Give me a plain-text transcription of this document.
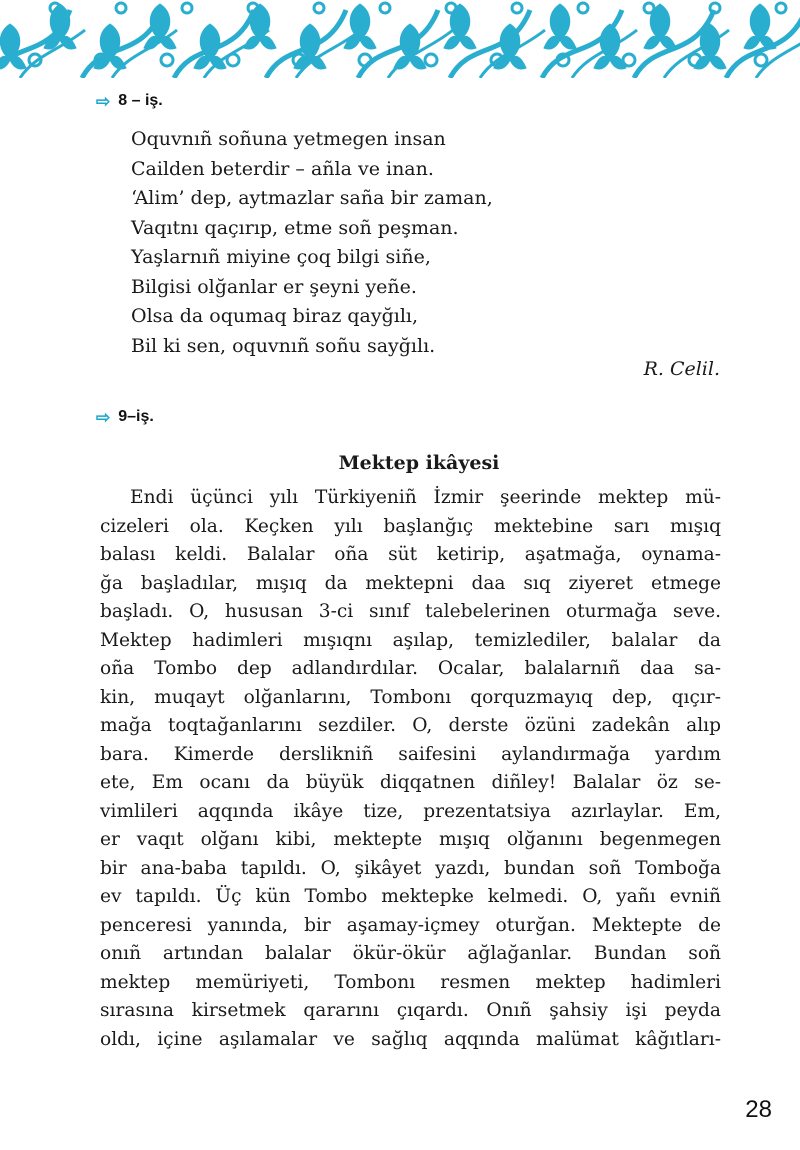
⇨ 8 – iş.
Oquvnıñ soñuna yetmegen insan
Cailden beterdir – añla ve inan.
‘Alim’ dep, aytmazlar saña bir zaman,
Vaqıtnı qaçırıp, etme soñ peşman.
Yaşlarnıñ miyine çoq bilgi siñe,
Bilgisi olğanlar er şeyni yeñe.
Olsa da oqumaq biraz qayğılı,
Bil ki sen, oquvnıñ soñu sayğılı.
R. Celil.
⇨ 9–iş.
Mektep ikâyesi
Endi üçünci yılı Türkiyeniñ İzmir şeerinde mektep mü-
cizeleri ola. Keçken yılı başlanğıç mektebine sarı mışıq
balası keldi. Balalar oña süt ketirip, aşatmağa, oynama-
ğa başladılar, mışıq da mektepni daa sıq ziyeret etmege
başladı. O, hususan 3-ci sınıf talebelerinen oturmağa seve.
Mektep hadimleri mışıqnı aşılap, temizlediler, balalar da
oña Tombo dep adlandırdılar. Ocalar, balalarnıñ daa sa-
kin, muqayt olğanlarını, Tombonı qorquzmayıq dep, qıçır-
mağa toqtağanlarını sezdiler. O, derste özüni zadekân alıp
bara. Kimerde derslikniñ saifesini aylandırmağa yardım
ete, Em ocanı da büyük diqqatnen diñley! Balalar öz se-
vimlileri aqqında ikâye tize, prezentatsiya azırlaylar. Em,
er vaqıt olğanı kibi, mektepte mışıq olğanını begenmegen
bir ana-baba tapıldı. O, şikâyet yazdı, bundan soñ Tomboğa
ev tapıldı. Üç kün Tombo mektepke kelmedi. O, yañı evniñ
penceresi yanında, bir aşamay-içmey oturğan. Mektepte de
onıñ artından balalar ökür-ökür ağlağanlar. Bundan soñ
mektep memüriyeti, Tombonı resmen mektep hadimleri
sırasına kirsetmek qararını çıqardı. Onıñ şahsiy işi peyda
oldı, içine aşılamalar ve sağlıq aqqında malümat kâğıtları-
28
